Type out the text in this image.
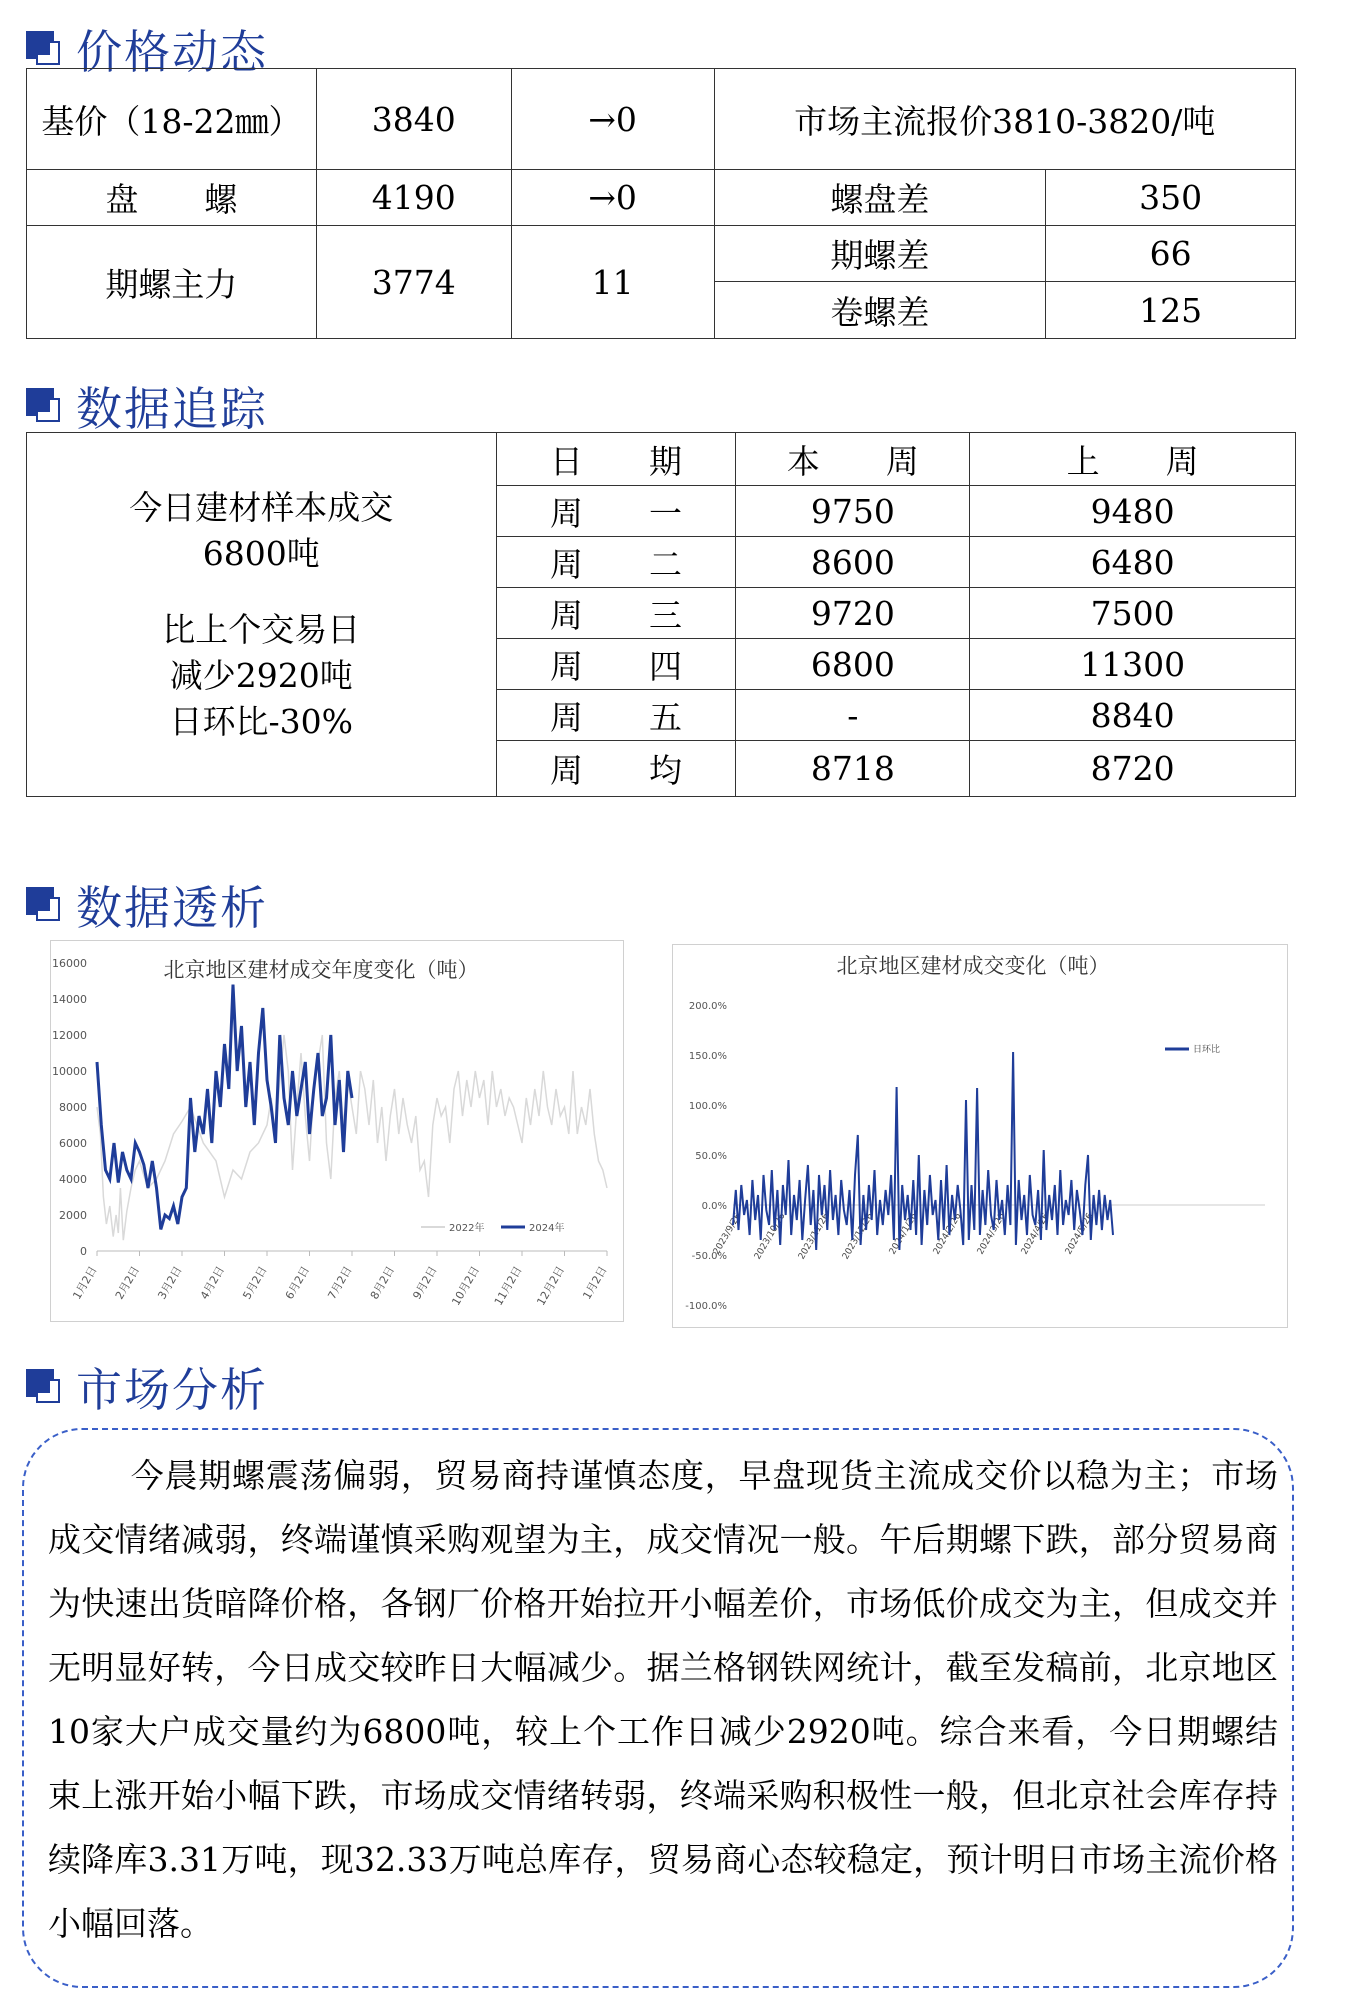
价格动态
基价（18-22㎜）	3840	→0	市场主流报价3810-3820/吨	
盘　　螺	4190	→0	螺盘差	350
期螺主力	3774	11	期螺差	66
			卷螺差	125
数据追踪
今日建材样本成交
6800吨
比上个交易日
减少2920吨
日环比-30%	日　　期	本　　周	上　　周
	周　　一	9750	9480
	周　　二	8600	6480
	周　　三	9720	7500
	周　　四	6800	11300
	周　　五	-	8840
	周　　均	8718	8720
数据透析
北京地区建材成交年度变化（吨）
0
2000
4000
6000
8000
10000
12000
14000
16000
1月2日 2月2日 3月2日 4月2日 5月2日 6月2日 7月2日 8月2日 9月2日 10月2日 11月2日 12月2日 1月2日
2022年	2024年
北京地区建材成交变化（吨）
-100.0%
-50.0%
0.0%
50.0%
100.0%
150.0%
200.0%
2023/9/26 2023/10/26 2023/11/26 2023/12/26 2024/1/26 2024/2/26 2024/3/26 2024/4/26 2024/5/26
日环比
市场分析
今晨期螺震荡偏弱，贸易商持谨慎态度，早盘现货主流成交价以稳为主；市场成交情绪减弱，终端谨慎采购观望为主，成交情况一般。午后期螺下跌，部分贸易商为快速出货暗降价格，各钢厂价格开始拉开小幅差价，市场低价成交为主，但成交并无明显好转，今日成交较昨日大幅减少。据兰格钢铁网统计，截至发稿前，北京地区10家大户成交量约为6800吨，较上个工作日减少2920吨。综合来看，今日期螺结束上涨开始小幅下跌，市场成交情绪转弱，终端采购积极性一般，但北京社会库存持续降库3.31万吨，现32.33万吨总库存，贸易商心态较稳定，预计明日市场主流价格小幅回落。
